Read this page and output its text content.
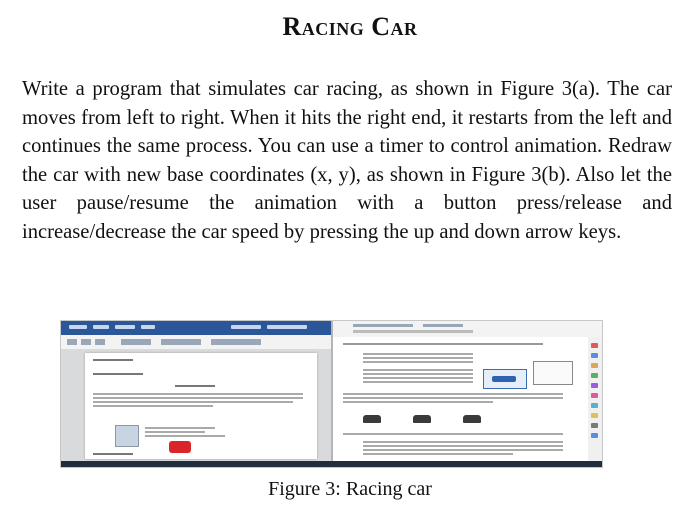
Racing Car
Write a program that simulates car racing, as shown in Figure 3(a). The car moves from left to right. When it hits the right end, it restarts from the left and continues the same process. You can use a timer to control animation. Redraw the car with new base coordinates (x, y), as shown in Figure 3(b). Also let the user pause/resume the animation with a button press/release and increase/decrease the car speed by pressing the up and down arrow keys.
Figure 3: Racing car
